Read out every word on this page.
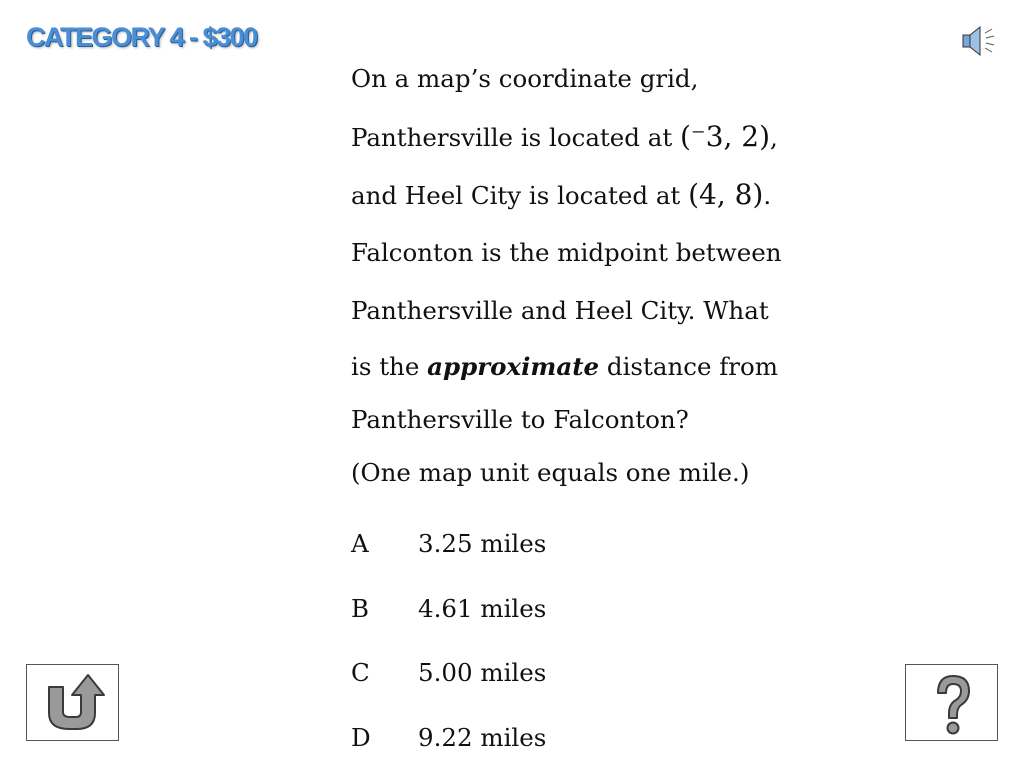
CATEGORY 4 - $300
On a map’s coordinate grid,
Panthersville is located at (⁻3, 2),
and Heel City is located at (4, 8).
Falconton is the midpoint between
Panthersville and Heel City. What
is the approximate distance from
Panthersville to Falconton?
(One map unit equals one mile.)
A 3.25 miles
B 4.61 miles
C 5.00 miles
D 9.22 miles
